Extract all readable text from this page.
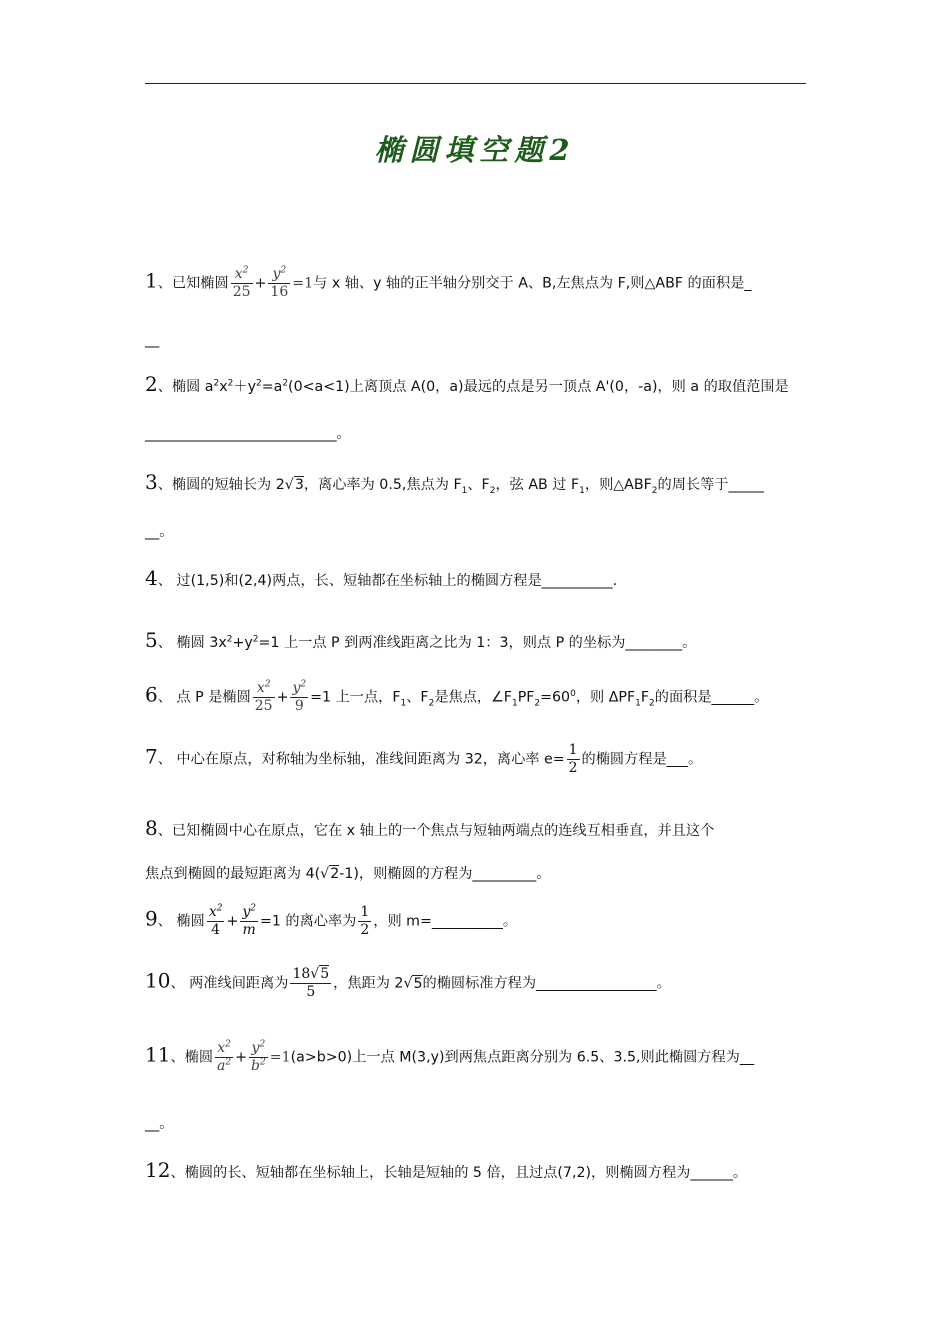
椭圆填空题2
1、已知椭圆 $\frac{x^2}{25} + \frac{y^2}{16} =1$与 x 轴、y 轴的正半轴分别交于 A、B,左焦点为 F,则△ABF 的面积是_
__
2、椭圆 $a^2x^2+y^2=a^2(0<a<1)$上离顶点 A(0，a)最远的点是另一顶点 A'(0，-a)，则 a 的取值范围是
___________________________。
3、椭圆的短轴长为 2√3，离心率为 0.5,焦点为 $F_1$、$F_2$，弦 AB 过 $F_1$，则$\triangle ABF_2$的周长等于_____
__。
4、 过(1,5)和(2,4)两点，长、短轴都在坐标轴上的椭圆方程是__________.
5、 椭圆 $3x^2+y^2=1$ 上一点 P 到两准线距离之比为 1：3，则点 P 的坐标为________。
6、 点 P 是椭圆 $\frac{x^2}{25} + \frac{y^2}{9} =1$ 上一点，$F_1$、$F_2$是焦点，$\angle F_1PF_2=60^0$，则 $\Delta PF_1F_2$的面积是______。
7、 中心在原点，对称轴为坐标轴，准线间距离为 32，离心率 $e= \frac{1}{2}$ 的椭圆方程是___。
8、已知椭圆中心在原点，它在 x 轴上的一个焦点与短轴两端点的连线互相垂直，并且这个
焦点到椭圆的最短距离为 4(√2-1)，则椭圆的方程为_________。
9、 椭圆 $\frac{x^2}{4} + \frac{y^2}{m} =1$ 的离心率为 $\frac{1}{2}$ ，则 m=__________。
10、 两准线间距离为 $\frac{18√5}{5}$ ，焦距为 2√5的椭圆标准方程为_________________。
11、椭圆 $\frac{x^2}{a^2} + \frac{y^2}{b^2} =1(a>b>0)$上一点 M(3,y)到两焦点距离分别为 6.5、3.5,则此椭圆方程为__
__。
12、椭圆的长、短轴都在坐标轴上，长轴是短轴的 5 倍，且过点(7,2)，则椭圆方程为______。
